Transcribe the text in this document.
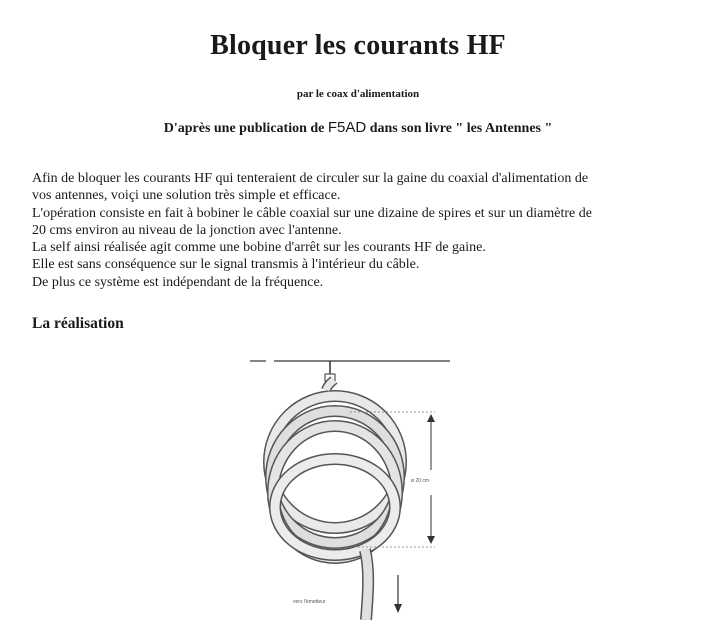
Bloquer les courants HF
par le coax d'alimentation
D'après une publication de F5AD dans son livre " les Antennes "

Afin de bloquer les courants HF qui tenteraient de circuler sur la gaine du coaxial d'alimentation de

vos antennes, voiçi une solution très simple et efficace.

L'opération consiste en fait à bobiner le câble coaxial sur une dizaine de spires et sur un diamètre de

20 cms environ au niveau de la jonction avec l'antenne.

La self ainsi réalisée agit comme une bobine d'arrêt sur les courants HF de gaine.

Elle est sans conséquence sur le signal transmis à l'intérieur du câble.

De plus ce système est indépendant de la fréquence.

La réalisation
ø 20 cm
vers l'émetteur
